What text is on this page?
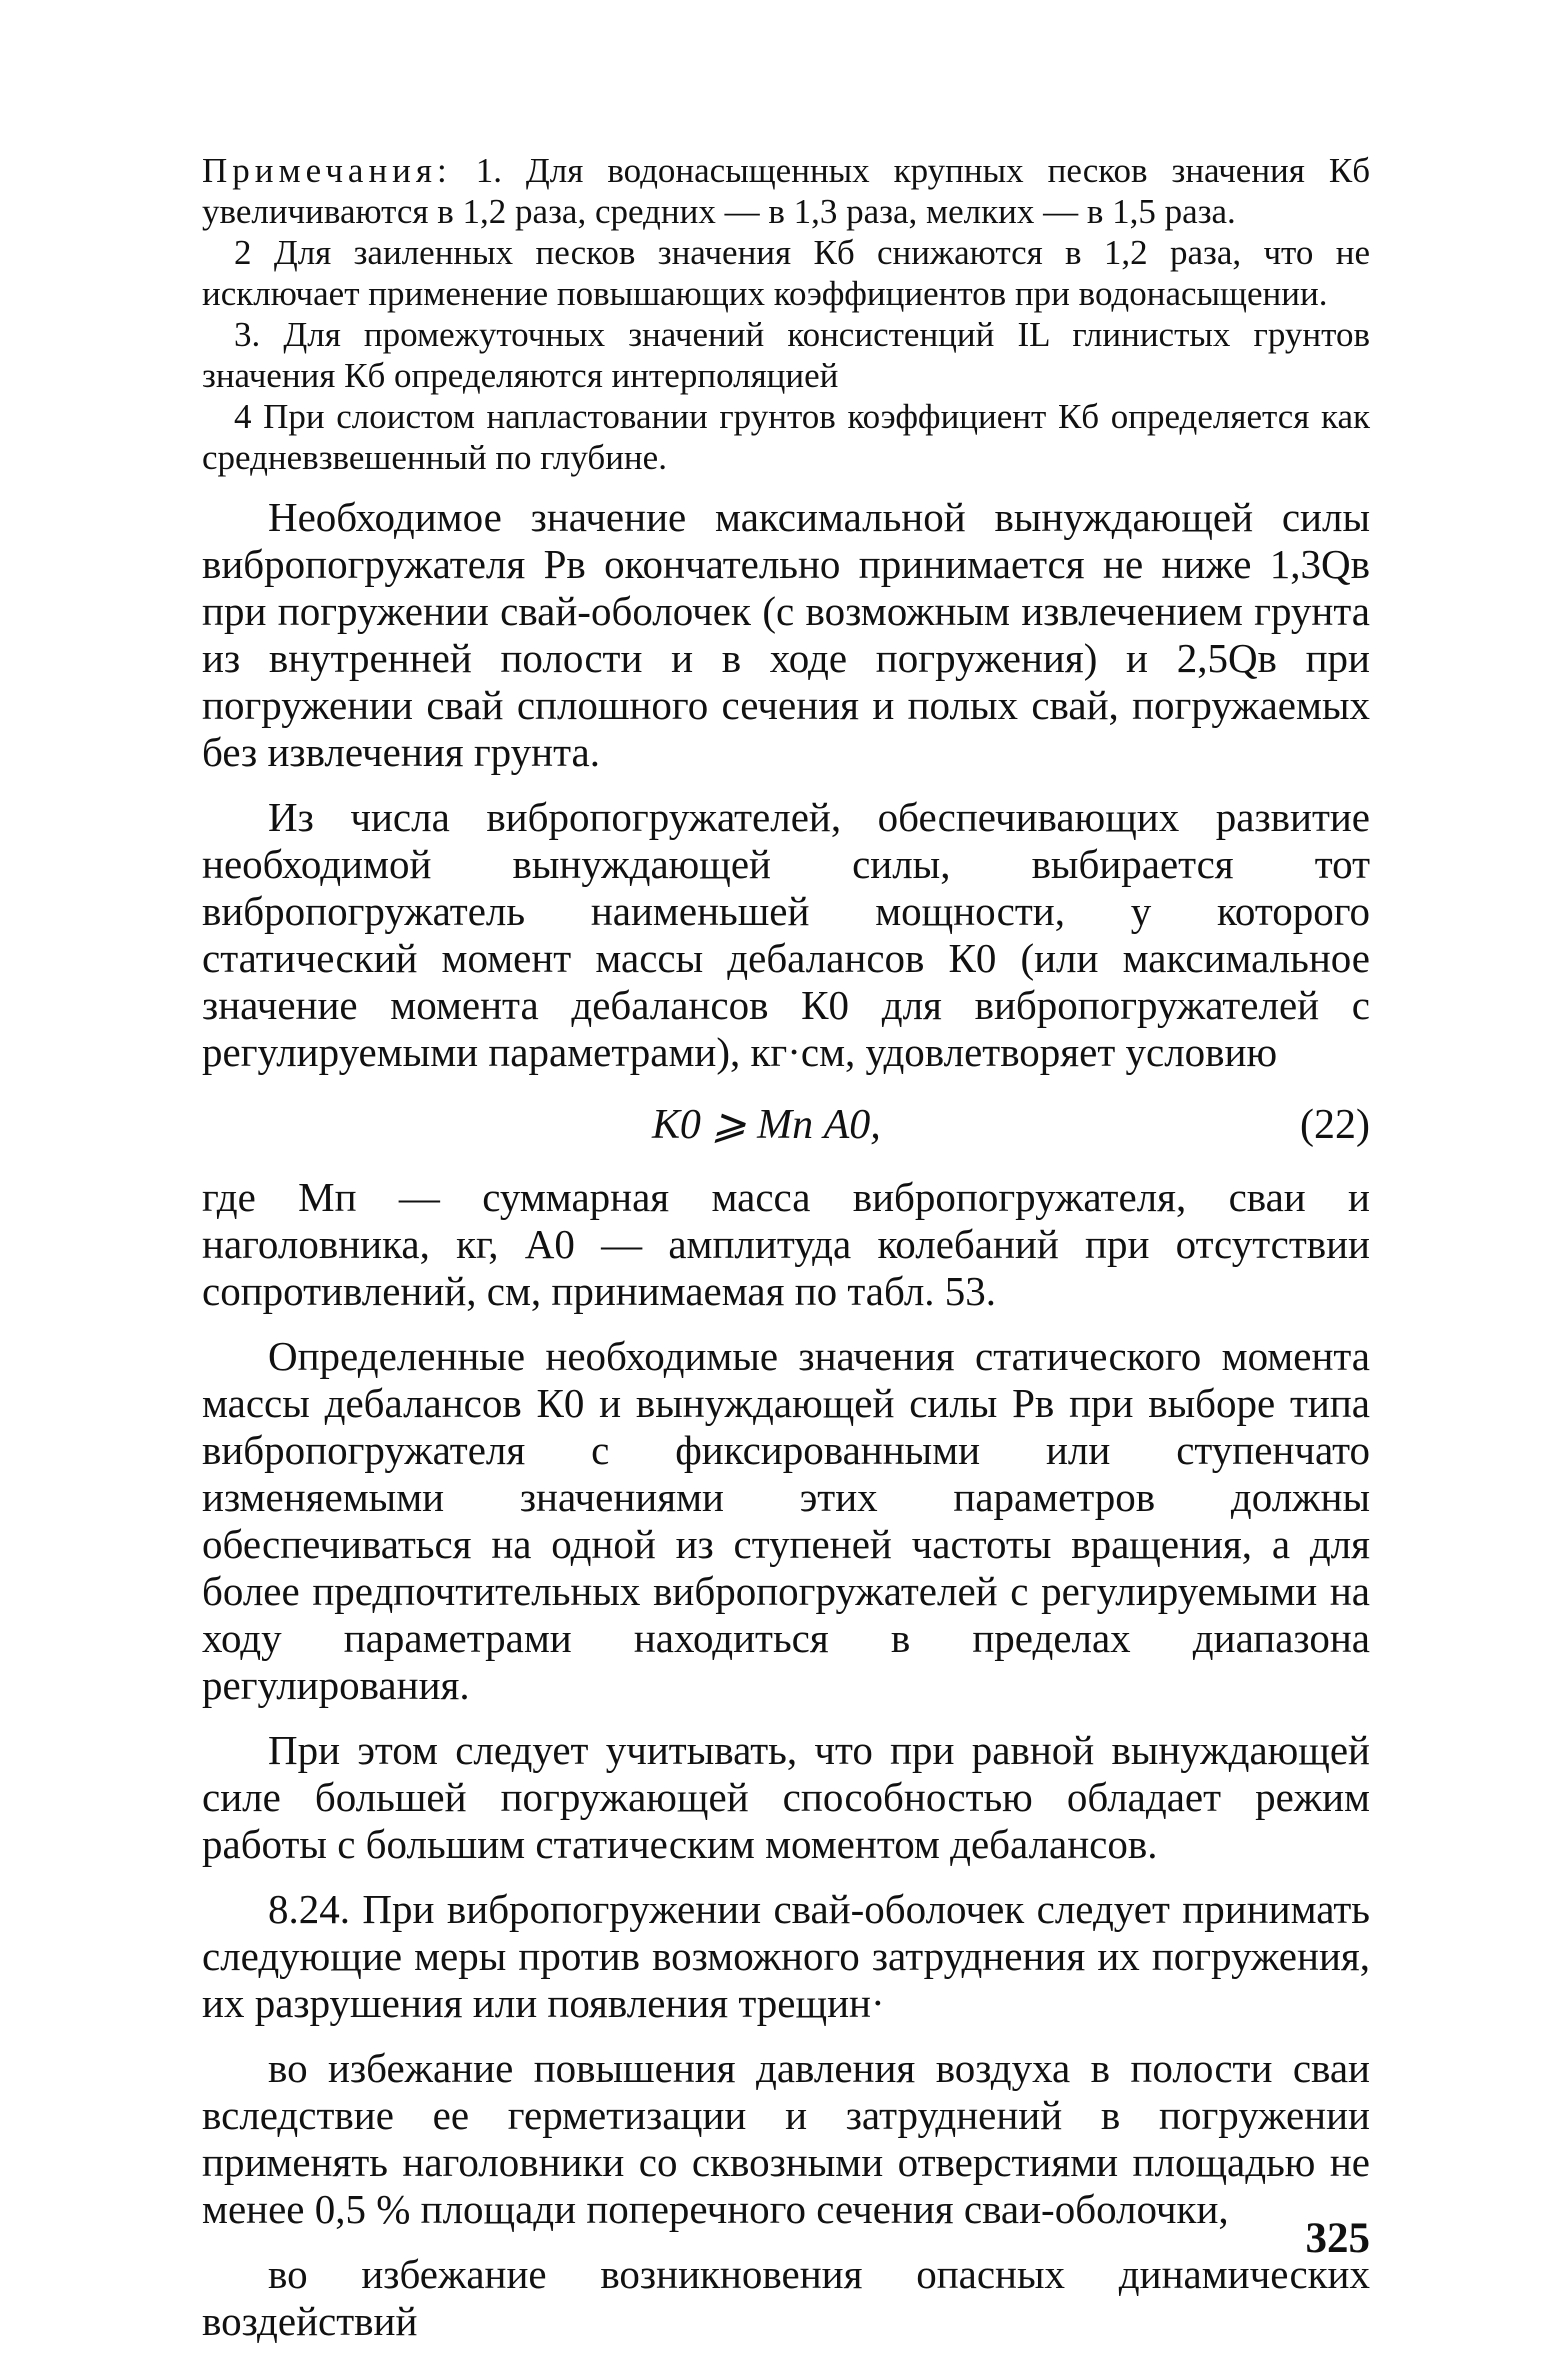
Примечания: 1. Для водонасыщенных крупных песков значения Кб увеличиваются в 1,2 раза, средних — в 1,3 раза, мелких — в 1,5 раза.

2 Для заиленных песков значения Кб снижаются в 1,2 раза, что не исключает применение повышающих коэффициентов при водонасыщении.

3. Для промежуточных значений консистенций IL глинистых грунтов значения Кб определяются интерполяцией

4 При слоистом напластовании грунтов коэффициент Кб определяется как средневзвешенный по глубине.

Необходимое значение максимальной вынуждающей силы вибропогружателя Pв окончательно принимается не ниже 1,3Qв при погружении свай-оболочек (с возможным извлечением грунта из внутренней полости и в ходе погружения) и 2,5Qв при погружении свай сплошного сечения и полых свай, погружаемых без извлечения грунта.

Из числа вибропогружателей, обеспечивающих развитие необходимой вынуждающей силы, выбирается тот вибропогружатель наименьшей мощности, у которого статический момент массы дебалансов К0 (или максимальное значение момента дебалансов К0 для вибропогружателей с регулируемыми параметрами), кг·см, удовлетворяет условию

К0 ⩾ Mп A0,	(22)

где Mп — суммарная масса вибропогружателя, сваи и наголовника, кг, A0 — амплитуда колебаний при отсутствии сопротивлений, см, принимаемая по табл. 53.

Определенные необходимые значения статического момента массы дебалансов К0 и вынуждающей силы Pв при выборе типа вибропогружателя с фиксированными или ступенчато изменяемыми значениями этих параметров должны обеспечиваться на одной из ступеней частоты вращения, а для более предпочтительных вибропогружателей с регулируемыми на ходу параметрами находиться в пределах диапазона регулирования.

При этом следует учитывать, что при равной вынуждающей силе большей погружающей способностью обладает режим работы с большим статическим моментом дебалансов.

8.24. При вибропогружении свай-оболочек следует принимать следующие меры против возможного затруднения их погружения, их разрушения или появления трещин·

во избежание повышения давления воздуха в полости сваи вследствие ее герметизации и затруднений в погружении применять наголовники со сквозными отверстиями площадью не менее 0,5 % площади поперечного сечения сваи-оболочки,

во избежание возникновения опасных динамических воздействий

325
